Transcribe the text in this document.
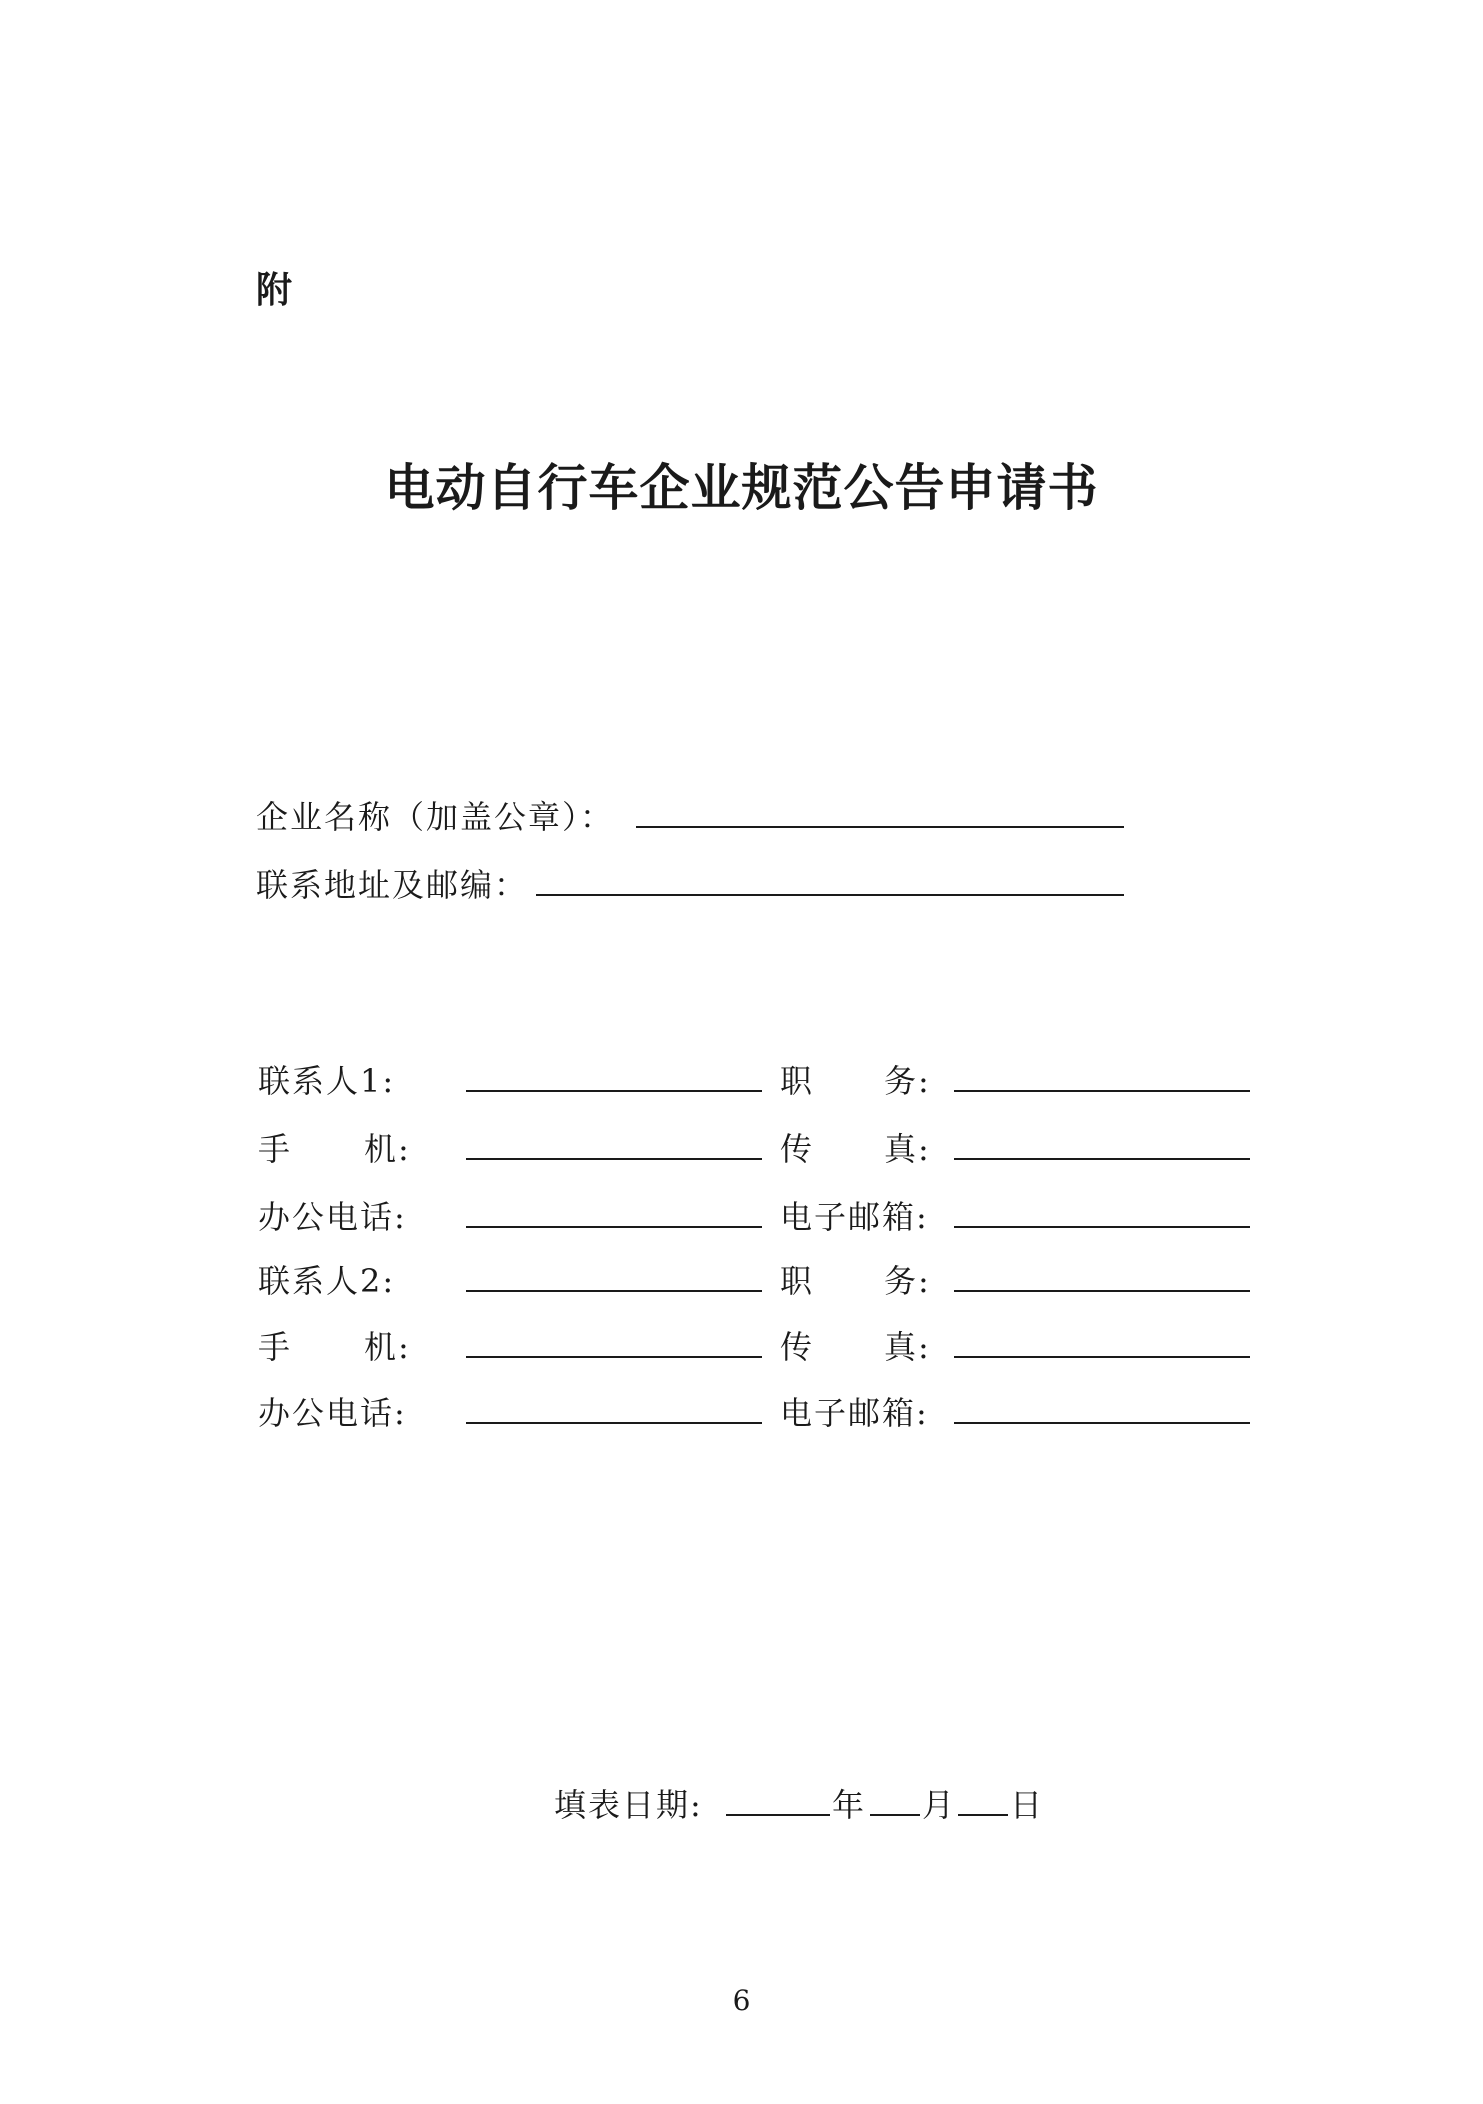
附
电动自行车企业规范公告申请书
企业名称（加盖公章）：
联系地址及邮编：
联系人1:	职 务:
手 机:	传 真:
办公电话:	电子邮箱:
联系人2:	职 务:
手 机:	传 真:
办公电话:	电子邮箱:
填表日期:	年 月 日
6
